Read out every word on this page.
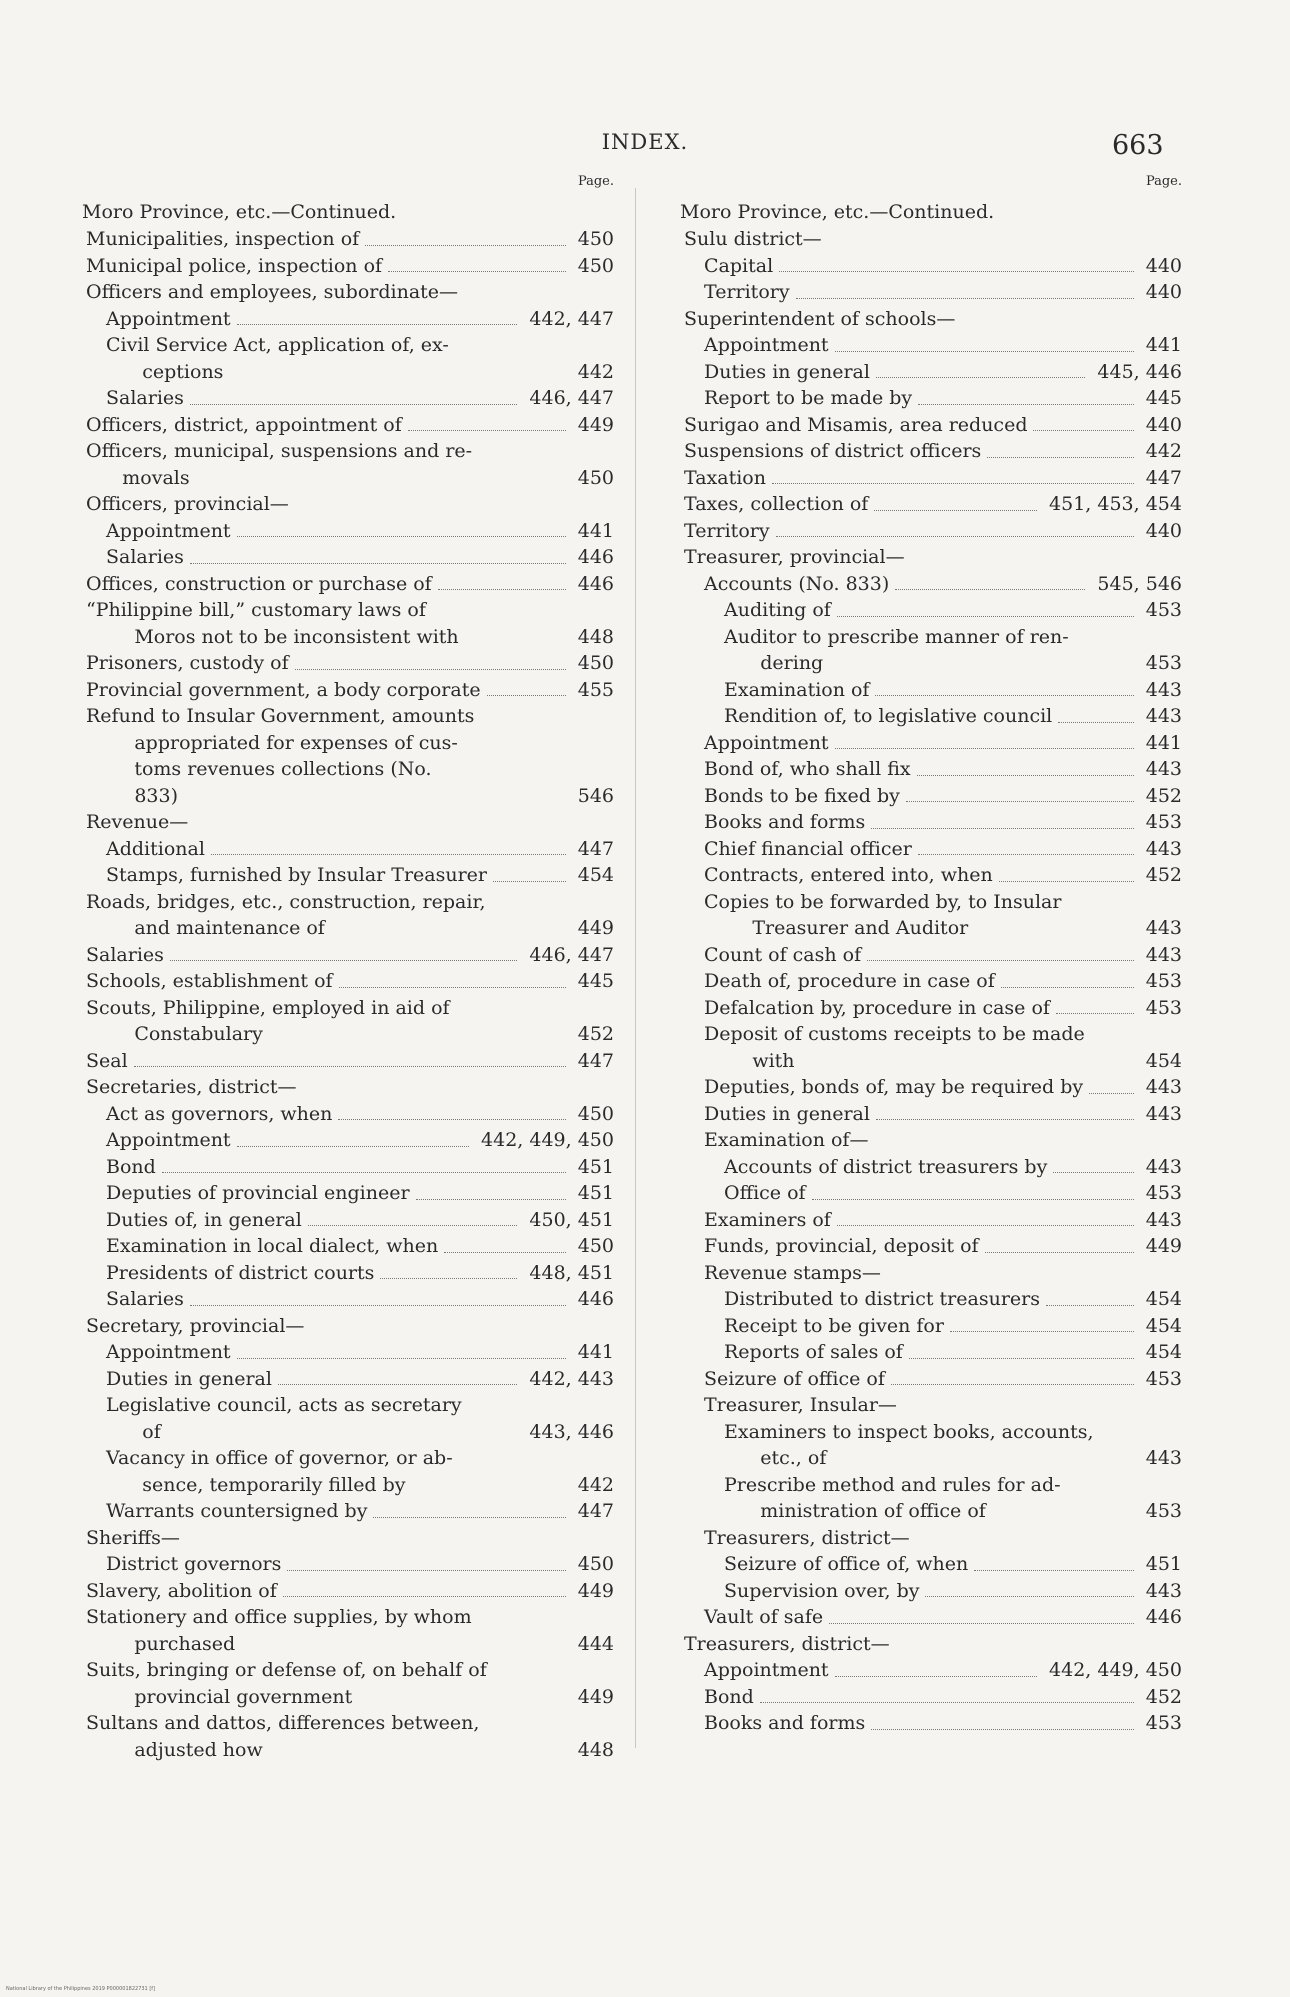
INDEX.	663
Page.
Moro Province, etc.—Continued.
Municipalities, inspection of	450
Municipal police, inspection of	450
Officers and employees, subordinate—
Appointment	442, 447
Civil Service Act, application of, ex-
ceptions	442
Salaries	446, 447
Officers, district, appointment of	449
Officers, municipal, suspensions and re-
movals	450
Officers, provincial—
Appointment	441
Salaries	446
Offices, construction or purchase of	446
“Philippine bill,” customary laws of
Moros not to be inconsistent with	448
Prisoners, custody of	450
Provincial government, a body corporate	455
Refund to Insular Government, amounts
appropriated for expenses of cus-
toms revenues collections (No.
833)	546
Revenue—
Additional	447
Stamps, furnished by Insular Treasurer	454
Roads, bridges, etc., construction, repair,
and maintenance of	449
Salaries	446, 447
Schools, establishment of	445
Scouts, Philippine, employed in aid of
Constabulary	452
Seal	447
Secretaries, district—
Act as governors, when	450
Appointment	442, 449, 450
Bond	451
Deputies of provincial engineer	451
Duties of, in general	450, 451
Examination in local dialect, when	450
Presidents of district courts	448, 451
Salaries	446
Secretary, provincial—
Appointment	441
Duties in general	442, 443
Legislative council, acts as secretary
of	443, 446
Vacancy in office of governor, or ab-
sence, temporarily filled by	442
Warrants countersigned by	447
Sheriffs—
District governors	450
Slavery, abolition of	449
Stationery and office supplies, by whom
purchased	444
Suits, bringing or defense of, on behalf of
provincial government	449
Sultans and dattos, differences between,
adjusted how	448
Page.
Moro Province, etc.—Continued.
Sulu district—
Capital	440
Territory	440
Superintendent of schools—
Appointment	441
Duties in general	445, 446
Report to be made by	445
Surigao and Misamis, area reduced	440
Suspensions of district officers	442
Taxation	447
Taxes, collection of	451, 453, 454
Territory	440
Treasurer, provincial—
Accounts (No. 833)	545, 546
Auditing of	453
Auditor to prescribe manner of ren-
dering	453
Examination of	443
Rendition of, to legislative council	443
Appointment	441
Bond of, who shall fix	443
Bonds to be fixed by	452
Books and forms	453
Chief financial officer	443
Contracts, entered into, when	452
Copies to be forwarded by, to Insular
Treasurer and Auditor	443
Count of cash of	443
Death of, procedure in case of	453
Defalcation by, procedure in case of	453
Deposit of customs receipts to be made
with	454
Deputies, bonds of, may be required by	443
Duties in general	443
Examination of—
Accounts of district treasurers by	443
Office of	453
Examiners of	443
Funds, provincial, deposit of	449
Revenue stamps—
Distributed to district treasurers	454
Receipt to be given for	454
Reports of sales of	454
Seizure of office of	453
Treasurer, Insular—
Examiners to inspect books, accounts,
etc., of	443
Prescribe method and rules for ad-
ministration of office of	453
Treasurers, district—
Seizure of office of, when	451
Supervision over, by	443
Vault of safe	446
Treasurers, district—
Appointment	442, 449, 450
Bond	452
Books and forms	453
National Library of the Philippines 2019 P000001822731 [f]
